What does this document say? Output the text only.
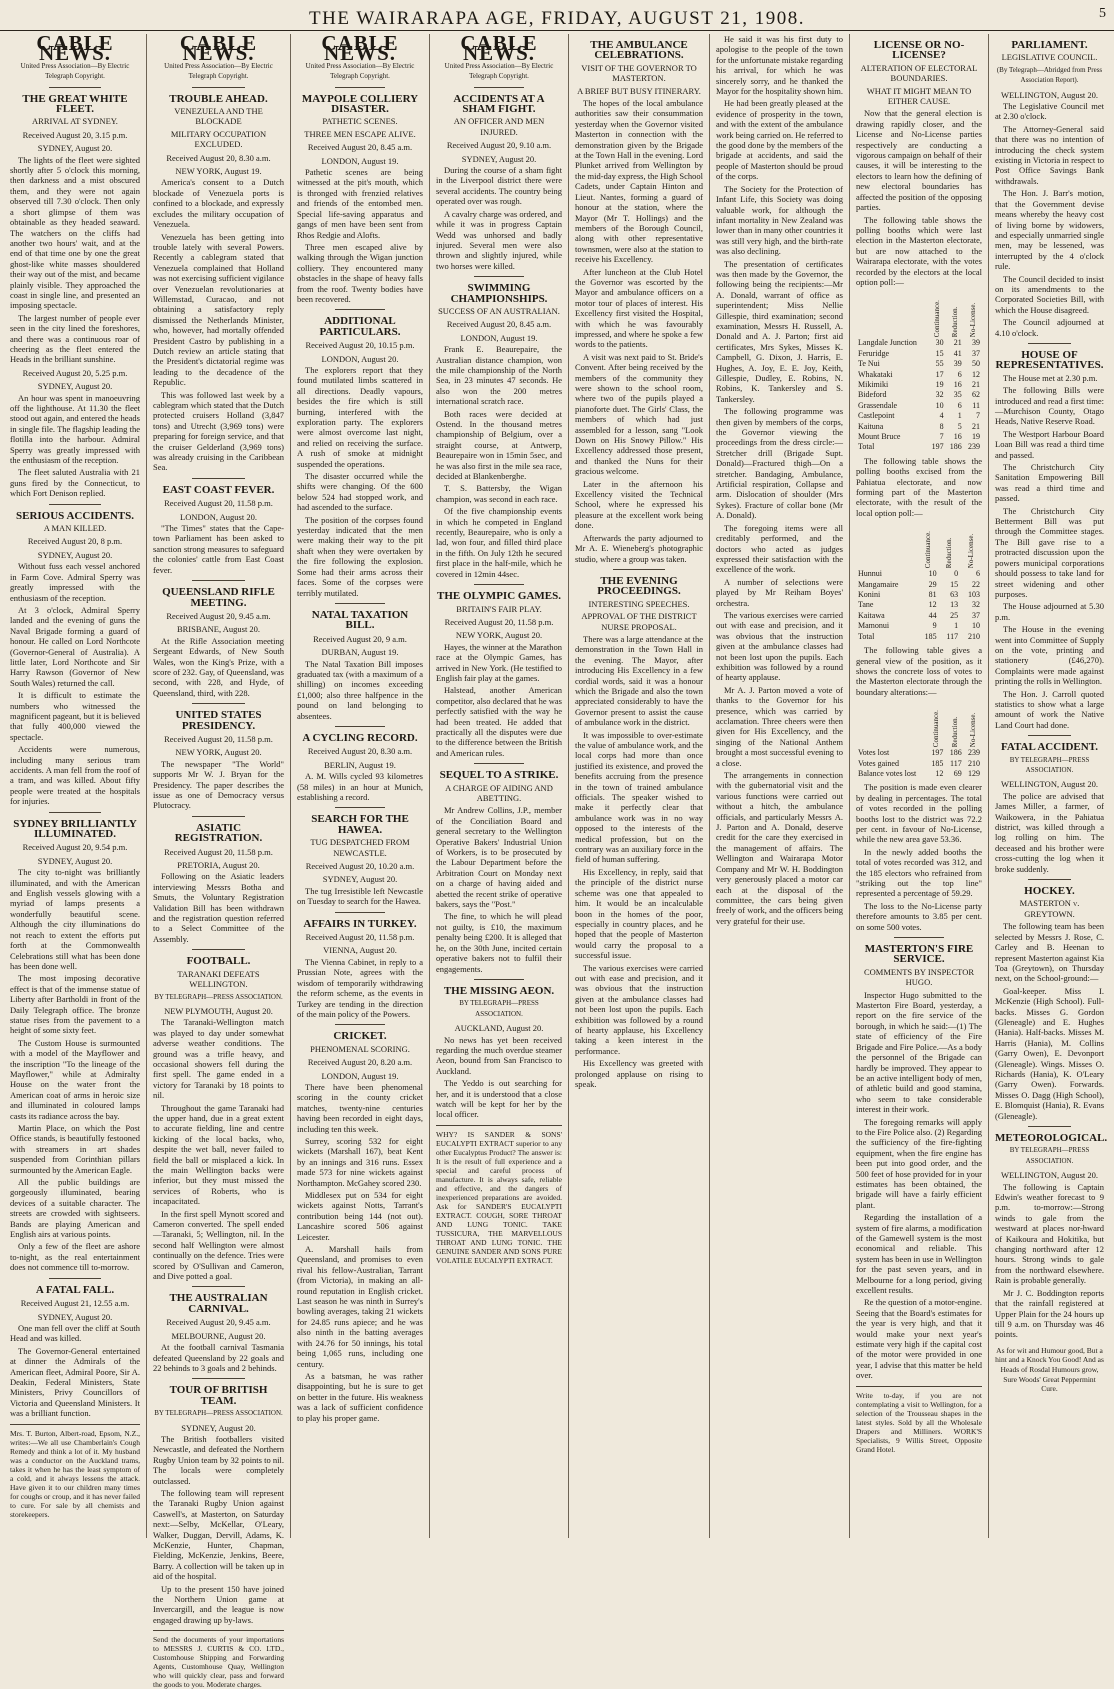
THE WAIRARAPA AGE, FRIDAY, AUGUST 21, 1908.	5
CABLE NEWS.
United Press Association—By Electric Telegraph Copyright.
THE GREAT WHITE FLEET.
ARRIVAL AT SYDNEY.
Received August 20, 3.15 p.m.
SYDNEY, August 20.

The lights of the fleet were sighted shortly after 5 o'clock this morning, then darkness and a mist obscured them, and they were not again observed till 7.30 o'clock. Then only a short glimpse of them was obtainable as they headed seaward. The watchers on the cliffs had another two hours' wait, and at the end of that time one by one the great ghost-like white masses shouldered their way out of the mist, and became plainly visible. They approached the coast in single line, and presented an imposing spectacle.

The largest number of people ever seen in the city lined the foreshores, and there was a continuous roar of cheering as the fleet entered the Heads in the brilliant sunshine.

Received August 20, 5.25 p.m.
SYDNEY, August 20.

An hour was spent in manoeuvring off the lighthouse. At 11.30 the fleet stood out again, and entered the heads in single file. The flagship leading the flotilla into the harbour. Admiral Sperry was greatly impressed with the enthusiasm of the reception.

The fleet saluted Australia with 21 guns fired by the Connecticut, to which Fort Denison replied.

SERIOUS ACCIDENTS.
A MAN KILLED.
Received August 20, 8 p.m.
SYDNEY, August 20.

Without fuss each vessel anchored in Farm Cove. Admiral Sperry was greatly impressed with the enthusiasm of the reception.

At 3 o'clock, Admiral Sperry landed and the evening of guns the Naval Brigade forming a guard of honour. He called on Lord Northcote (Governor-General of Australia). A little later, Lord Northcote and Sir Harry Rawson (Governor of New South Wales) returned the call.

It is difficult to estimate the numbers who witnessed the magnificent pageant, but it is believed that fully 400,000 viewed the spectacle.

Accidents were numerous, including many serious tram accidents. A man fell from the roof of a tram, and was killed. About fifty people were treated at the hospitals for injuries.

SYDNEY BRILLIANTLY ILLUMINATED.
Received August 20, 9.54 p.m.
SYDNEY, August 20.

The city to-night was brilliantly illuminated, and with the American and English vessels glowing with a myriad of lamps presents a wonderfully beautiful scene. Although the city illuminations do not reach to extent the efforts put forth at the Commonwealth Celebrations still what has been done has been done well.

The most imposing decorative effect is that of the immense statue of Liberty after Bartholdi in front of the Daily Telegraph office. The bronze statue rises from the pavement to a height of some sixty feet.

The Custom House is surmounted with a model of the Mayflower and the inscription "To the lineage of the Mayflower," while at Admiralty House on the water front the American coat of arms in heroic size and illuminated in coloured lamps casts its radiance across the bay.

Martin Place, on which the Post Office stands, is beautifully festooned with streamers in art shades suspended from Corinthian pillars surmounted by the American Eagle.

All the public buildings are gorgeously illuminated, bearing devices of a suitable character. The streets are crowded with sightseers. Bands are playing American and English airs at various points.

Only a few of the fleet are ashore to-night, as the real entertainment does not commence till to-morrow.

A FATAL FALL.
Received August 21, 12.55 a.m.
SYDNEY, August 20.

One man fell over the cliff at South Head and was killed.

The Governor-General entertained at dinner the Admirals of the American fleet, Admiral Poore, Sir A. Deakin, Federal Ministers, State Ministers, Privy Councillors of Victoria and Queensland Ministers. It was a brilliant function.

Mrs. T. Burton, Albert-road, Epsom, N.Z., writes:—We all use Chamberlain's Cough Remedy and think a lot of it. My husband was a conductor on the Auckland trams, takes it when he has the least symptom of a cold, and it always lessens the attack. Have given it to our children many times for coughs or croup, and it has never failed to cure. For sale by all chemists and storekeepers.
CABLE NEWS.
United Press Association—By Electric Telegraph Copyright.
TROUBLE AHEAD.
VENEZUELA AND THE BLOCKADE
MILITARY OCCUPATION EXCLUDED.
Received August 20, 8.30 a.m.
NEW YORK, August 19.

America's consent to a Dutch blockade of Venezuela ports is confined to a blockade, and expressly excludes the military occupation of Venezuela.

Venezuela has been getting into trouble lately with several Powers. Recently a cablegram stated that Venezuela complained that Holland was not exercising sufficient vigilance over Venezuelan revolutionaries at Willemstad, Curacao, and not obtaining a satisfactory reply dismissed the Netherlands Minister, who, however, had mortally offended President Castro by publishing in a Dutch review an article stating that the President's dictatorial regime was leading to the decadence of the Republic.

This was followed last week by a cablegram which stated that the Dutch protected cruisers Holland (3,847 tons) and Utrecht (3,969 tons) were preparing for foreign service, and that the cruiser Gelderland (3,969 tons) was already cruising in the Caribbean Sea.

EAST COAST FEVER.
Received August 20, 11.58 p.m.
LONDON, August 20.

"The Times" states that the Cape-town Parliament has been asked to sanction strong measures to safeguard the colonies' cattle from East Coast fever.

QUEENSLAND RIFLE MEETING.
Received August 20, 9.45 a.m.
BRISBANE, August 20.

At the Rifle Association meeting Sergeant Edwards, of New South Wales, won the King's Prize, with a score of 232. Gay, of Queensland, was second, with 228, and Hyde, of Queensland, third, with 228.

UNITED STATES PRESIDENCY.
Received August 20, 11.58 p.m.
NEW YORK, August 20.

The newspaper "The World" supports Mr W. J. Bryan for the Presidency. The paper describes the issue as one of Democracy versus Plutocracy.

ASIATIC REGISTRATION.
Received August 20, 11.58 p.m.
PRETORIA, August 20.

Following on the Asiatic leaders interviewing Messrs Botha and Smuts, the Voluntary Registration Validation Bill has been withdrawn and the registration question referred to a Select Committee of the Assembly.

FOOTBALL.
TARANAKI DEFEATS WELLINGTON.
BY TELEGRAPH—PRESS ASSOCIATION.
NEW PLYMOUTH, August 20.

The Taranaki-Wellington match was played to day under somewhat adverse weather conditions. The ground was a trifle heavy, and occasional showers fell during the first spell. The game ended in a victory for Taranaki by 18 points to nil.

Throughout the game Taranaki had the upper hand, due in a great extent to accurate fielding, line and centre kicking of the local backs, who, despite the wet ball, never failed to field the ball or misplaced a kick. In the main Wellington backs were inferior, but they must missed the services of Roberts, who is incapacitated.

In the first spell Mynott scored and Cameron converted. The spell ended—Taranaki, 5; Wellington, nil. In the second half Wellington were almost continually on the defence. Tries were scored by O'Sullivan and Cameron, and Dive potted a goal.

THE AUSTRALIAN CARNIVAL.
Received August 20, 9.45 a.m.
MELBOURNE, August 20.

At the football carnival Tasmania defeated Queensland by 22 goals and 22 behinds to 3 goals and 2 behinds.

TOUR OF BRITISH TEAM.
BY TELEGRAPH—PRESS ASSOCIATION.
SYDNEY, August 20.

The British footballers visited Newcastle, and defeated the Northern Rugby Union team by 32 points to nil. The locals were completely outclassed.

The following team will represent the Taranaki Rugby Union against Caswell's, at Masterton, on Saturday next:—Selby, McKellar, O'Leary, Walker, Duggan, Dervill, Adams, K. McKenzie, Hunter, Chapman, Fielding, McKenzie, Jenkins, Beere, Barry. A collection will be taken up in aid of the hospital.

Up to the present 150 have joined the Northern Union game at Invercargill, and the league is now engaged drawing up by-laws.

Send the documents of your importations to MESSRS J. CURTIS & CO. LTD., Customhouse Shipping and Forwarding Agents, Customhouse Quay, Wellington who will quickly clear, pass and forward the goods to you. Moderate charges.
CABLE NEWS.
United Press Association—By Electric Telegraph Copyright.
MAYPOLE COLLIERY DISASTER.
PATHETIC SCENES.
THREE MEN ESCAPE ALIVE.
Received August 20, 8.45 a.m.
LONDON, August 19.

Pathetic scenes are being witnessed at the pit's mouth, which is thronged with frenzied relatives and friends of the entombed men. Special life-saving apparatus and gangs of men have been sent from Rhos Redgie and Alofts.

Three men escaped alive by walking through the Wigan junction colliery. They encountered many obstacles in the shape of heavy falls from the roof. Twenty bodies have been recovered.

ADDITIONAL PARTICULARS.
Received August 20, 10.15 p.m.
LONDON, August 20.

The explorers report that they found mutilated limbs scattered in all directions. Deadly vapours, besides the fire which is still burning, interfered with the exploration party. The explorers were almost overcome last night, and relied on receiving the surface. A rush of smoke at midnight suspended the operations.

The disaster occurred while the shifts were changing. Of the 600 below 524 had stopped work, and had ascended to the surface.

The position of the corpses found yesterday indicated that the men were making their way to the pit shaft when they were overtaken by the fire following the explosion. Some had their arms across their faces. Some of the corpses were terribly mutilated.

NATAL TAXATION BILL.
Received August 20, 9 a.m.
DURBAN, August 19.

The Natal Taxation Bill imposes graduated tax (with a maximum of a shilling) on incomes exceeding £1,000; also three halfpence in the pound on land belonging to absentees.

A CYCLING RECORD.
Received August 20, 8.30 a.m.
BERLIN, August 19.

A. M. Wills cycled 93 kilometres (58 miles) in an hour at Munich, establishing a record.

SEARCH FOR THE HAWEA.
TUG DESPATCHED FROM NEWCASTLE.
Received August 20, 10.20 a.m.
SYDNEY, August 20.

The tug Irresistible left Newcastle on Tuesday to search for the Hawea.

AFFAIRS IN TURKEY.
Received August 20, 11.58 p.m.
VIENNA, August 20.

The Vienna Cabinet, in reply to a Prussian Note, agrees with the wisdom of temporarily withdrawing the reform scheme, as the events in Turkey are tending in the direction of the main policy of the Powers.

CRICKET.
PHENOMENAL SCORING.
Received August 20, 8.20 a.m.
LONDON, August 19.

There have been phenomenal scoring in the county cricket matches, twenty-nine centuries having been recorded in eight days, including ten this week.

Surrey, scoring 532 for eight wickets (Marshall 167), beat Kent by an innings and 316 runs. Essex made 573 for nine wickets against Northampton. McGahey scored 230.

Middlesex put on 534 for eight wickets against Notts, Tarrant's contribution being 144 (not out). Lancashire scored 506 against Leicester.

A. Marshall hails from Queensland, and promises to even rival his fellow-Australian, Tarrant (from Victoria), in making an all-round reputation in English cricket. Last season he was ninth in Surrey's bowling averages, taking 21 wickets for 24.85 runs apiece; and he was also ninth in the batting averages with 24.76 for 50 innings, his total being 1,065 runs, including one century.

As a batsman, he was rather disappointing, but he is sure to get on better in the future. His weakness was a lack of sufficient confidence to play his proper game.

CABLE NEWS.
United Press Association—By Electric Telegraph Copyright.
ACCIDENTS AT A SHAM FIGHT.
AN OFFICER AND MEN INJURED.
Received August 20, 9.10 a.m.
SYDNEY, August 20.

During the course of a sham fight in the Liverpool district there were several accidents. The country being operated over was rough.

A cavalry charge was ordered, and while it was in progress Captain Wedd was unhorsed and badly injured. Several men were also thrown and slightly injured, while two horses were killed.

SWIMMING CHAMPIONSHIPS.
SUCCESS OF AN AUSTRALIAN.
Received August 20, 8.45 a.m.
LONDON, August 19.

Frank E. Beaurepaire, the Australian distance champion, won the mile championship of the North Sea, in 23 minutes 47 seconds. He also won the 200 metres international scratch race.

Both races were decided at Ostend. In the thousand metres championship of Belgium, over a straight course, at Antwerp, Beaurepaire won in 15min 5sec, and he was also first in the mile sea race, decided at Blankenberghe.

T. S. Battersby, the Wigan champion, was second in each race.

Of the five championship events in which he competed in England recently, Beaurepaire, who is only a lad, won four, and filled third place in the fifth. On July 12th he secured first place in the half-mile, which he covered in 12min 44sec.

THE OLYMPIC GAMES.
BRITAIN'S FAIR PLAY.
Received August 20, 11.58 p.m.
NEW YORK, August 20.

Hayes, the winner at the Marathon race at the Olympic Games, has arrived in New York. (He testified to English fair play at the games.

Halstead, another American competitor, also declared that he was perfectly satisfied with the way he had been treated. He added that practically all the disputes were due to the difference between the British and American rules.

SEQUEL TO A STRIKE.
A CHARGE OF AIDING AND ABETTING.

Mr Andrew Collins, J.P., member of the Conciliation Board and general secretary to the Wellington Operative Bakers' Industrial Union of Workers, is to be prosecuted by the Labour Department before the Arbitration Court on Monday next on a charge of having aided and abetted the recent strike of operative bakers, says the "Post."

The fine, to which he will plead not guilty, is £10, the maximum penalty being £200. It is alleged that he, on the 30th June, incited certain operative bakers not to fulfil their engagements.

THE MISSING AEON.
BY TELEGRAPH—PRESS ASSOCIATION.
AUCKLAND, August 20.

No news has yet been received regarding the much overdue steamer Aeon, bound from San Francisco to Auckland.

The Yeddo is out searching for her, and it is understood that a close watch will be kept for her by the local officer.

WHY? IS SANDER & SONS' EUCALYPTI EXTRACT superior to any other Eucalyptus Product? The answer is: It is the result of full experience and a special and careful process of manufacture. It is always safe, reliable and effective, and the dangers of inexperienced preparations are avoided. Ask for SANDER'S EUCALYPTI EXTRACT. COUGH, SORE THROAT AND LUNG TONIC. TAKE TUSSICURA, THE MARVELLOUS THROAT AND LUNG TONIC. THE GENUINE SANDER AND SONS PURE VOLATILE EUCALYPTI EXTRACT.
THE AMBULANCE CELEBRATIONS.
VISIT OF THE GOVERNOR TO MASTERTON.
A BRIEF BUT BUSY ITINERARY.

The hopes of the local ambulance authorities saw their consummation yesterday when the Governor visited Masterton in connection with the demonstration given by the Brigade at the Town Hall in the evening. Lord Plunket arrived from Wellington by the mid-day express, the High School Cadets, under Captain Hinton and Lieut. Nantes, forming a guard of honour at the station, where the Mayor (Mr T. Hollings) and the members of the Borough Council, along with other representative townsmen, were also at the station to receive his Excellency.

After luncheon at the Club Hotel the Governor was escorted by the Mayor and ambulance officers on a motor tour of places of interest. His Excellency first visited the Hospital, with which he was favourably impressed, and where he spoke a few words to the patients.

A visit was next paid to St. Bride's Convent. After being received by the members of the community they were shown to the school room, where two of the pupils played a pianoforte duet. The Girls' Class, the members of which had just assembled for a lesson, sang "Look Down on His Snowy Pillow." His Excellency addressed those present, and thanked the Nuns for their gracious welcome.

Later in the afternoon his Excellency visited the Technical School, where he expressed his pleasure at the excellent work being done.

Afterwards the party adjourned to Mr A. E. Wieneberg's photographic studio, where a group was taken.

THE EVENING PROCEEDINGS.
INTERESTING SPEECHES.
APPROVAL OF THE DISTRICT NURSE PROPOSAL.

There was a large attendance at the demonstration in the Town Hall in the evening. The Mayor, after introducing His Excellency in a few cordial words, said it was a honour which the Brigade and also the town appreciated considerably to have the Governor present to assist the cause of ambulance work in the district.

It was impossible to over-estimate the value of ambulance work, and the local corps had more than once justified its existence, and proved the benefits accruing from the presence in the town of trained ambulance officials. The speaker wished to make it perfectly clear that ambulance work was in no way opposed to the interests of the medical profession, but on the contrary was an auxiliary force in the field of human suffering.

His Excellency, in reply, said that the principle of the district nurse scheme was one that appealed to him. It would be an incalculable boon in the homes of the poor, especially in country places, and he hoped that the people of Masterton would carry the proposal to a successful issue.

The various exercises were carried out with ease and precision, and it was obvious that the instruction given at the ambulance classes had not been lost upon the pupils. Each exhibition was followed by a round of hearty applause, his Excellency taking a keen interest in the performance.

His Excellency was greeted with prolonged applause on rising to speak.

He said it was his first duty to apologise to the people of the town for the unfortunate mistake regarding his arrival, for which he was sincerely sorry, and he thanked the Mayor for the hospitality shown him.

He had been greatly pleased at the evidence of prosperity in the town, and with the extent of the ambulance work being carried on. He referred to the good done by the members of the brigade at accidents, and said the people of Masterton should be proud of the corps.

The Society for the Protection of Infant Life, this Society was doing valuable work, for although the infant mortality in New Zealand was lower than in many other countries it was still very high, and the birth-rate was also declining.

The presentation of certificates was then made by the Governor, the following being the recipients:—Mr A. Donald, warrant of office as superintendent; Miss Nellie Gillespie, third examination; second examination, Messrs H. Russell, A. Donald and A. J. Parton; first aid certificates, Mrs Sykes, Misses K. Campbell, G. Dixon, J. Harris, E. Hughes, A. Joy, E. E. Joy, Keith, Gillespie, Dudley, E. Robins, N. Robins, K. Tankersley and S. Tankersley.

The following programme was then given by members of the corps, the Governor viewing the proceedings from the dress circle:—Stretcher drill (Brigade Supt. Donald)—Fractured thigh—On a stretcher. Bandaging, Ambulance, Artificial respiration, Collapse and arm. Dislocation of shoulder (Mrs Sykes). Fracture of collar bone (Mr A. Donald).

The foregoing items were all creditably performed, and the doctors who acted as judges expressed their satisfaction with the excellence of the work.

A number of selections were played by Mr Reiham Boyes' orchestra.

The various exercises were carried out with ease and precision, and it was obvious that the instruction given at the ambulance classes had not been lost upon the pupils. Each exhibition was followed by a round of hearty applause.

Mr A. J. Parton moved a vote of thanks to the Governor for his presence, which was carried by acclamation. Three cheers were then given for His Excellency, and the singing of the National Anthem brought a most successful evening to a close.

The arrangements in connection with the gubernatorial visit and the various functions were carried out without a hitch, the ambulance officials, and particularly Messrs A. J. Parton and A. Donald, deserve credit for the care they exercised in the management of affairs. The Wellington and Wairarapa Motor Company and Mr W. H. Boddington very generously placed a motor car each at the disposal of the committee, the cars being given freely of work, and the officers being very grateful for their use.

LICENSE OR NO-LICENSE?
ALTERATION OF ELECTORAL BOUNDARIES.
WHAT IT MIGHT MEAN TO EITHER CAUSE.

Now that the general election is drawing rapidly closer, and the License and No-License parties respectively are conducting a vigorous campaign on behalf of their causes, it will be interesting to the electors to learn how the defining of new electoral boundaries has affected the position of the opposing parties.

The following table shows the polling booths which were last election in the Masterton electorate, but are now attached to the Wairarapa electorate, with the votes recorded by the electors at the local option poll:—

	Continuance.	Reduction.	No-License.
Langdale Junction	30	21	39
Feruridge	15	41	37
Te Nui	55	39	50
Whakataki	17	6	12
Mikimiki	19	16	21
Bideford	32	35	62
Grassendale	10	6	11
Castlepoint	4	1	7
Kaituna	8	5	21
Mount Bruce	7	16	19
Total	197	186	239

The following table shows the polling booths excised from the Pahiatua electorate, and now forming part of the Masterton electorate, with the result of the local option poll:—

	Continuance.	Reduction.	No-License.
Hunnui	10	0	6
Mangamaire	29	15	22
Konini	81	63	103
Tane	12	13	32
Kaitawa	44	25	37
Mamonui	9	1	10
Total	185	117	210

The following table gives a general view of the position, as it shows the concrete loss of votes to the Masterton electorate through the boundary alterations:—

	Continuance.	Reduction.	No-License.
Votes lost	197	186	239
Votes gained	185	117	210
Balance votes lost	12	69	129

The position is made even clearer by dealing in percentages. The total of votes recorded in the polling booths lost to the district was 72.2 per cent. in favour of No-License, while the new area gave 53.36.

In the newly added booths the total of votes recorded was 312, and the 185 electors who refrained from "striking out the top line" represented a percentage of 59.29.

The loss to the No-License party therefore amounts to 3.85 per cent. on some 500 votes.

MASTERTON'S FIRE SERVICE.
COMMENTS BY INSPECTOR HUGO.

Inspector Hugo submitted to the Masterton Fire Board, yesterday, a report on the fire service of the borough, in which he said:—(1) The state of efficiency of the Fire Brigade and Fire Police.—As a body the personnel of the Brigade can hardly be improved. They appear to be an active intelligent body of men, of athletic build and good stamina, who seem to take considerable interest in their work.

The foregoing remarks will apply to the Fire Police also. (2) Regarding the sufficiency of the fire-fighting equipment, when the fire engine has been put into good order, and the 500 feet of hose provided for in your estimates has been obtained, the brigade will have a fairly efficient plant.

Regarding the installation of a system of fire alarms, a modification of the Gamewell system is the most economical and reliable. This system has been in use in Wellington for the past seven years, and in Melbourne for a long period, giving excellent results.

Re the question of a motor-engine. Seeing that the Board's estimates for the year is very high, and that it would make your next year's estimate very high if the capital cost of the motor were provided in one year, I advise that this matter be held over.

Write to-day, if you are not contemplating a visit to Wellington, for a selection of the Trousseau shapes in the latest styles. Sold by all the Wholesale Drapers and Milliners. WORK'S Specialists, 9 Willis Street, Opposite Grand Hotel.
PARLIAMENT.
LEGISLATIVE COUNCIL.
(By Telegraph—Abridged from Press Association Report).
WELLINGTON, August 20.

The Legislative Council met at 2.30 o'clock.

The Attorney-General said that there was no intention of introducing the check system existing in Victoria in respect to Post Office Savings Bank withdrawals.

The Hon. J. Barr's motion, that the Government devise means whereby the heavy cost of living borne by widowers, and especially unmarried single men, may be lessened, was interrupted by the 4 o'clock rule.

The Council decided to insist on its amendments to the Corporated Societies Bill, with which the House disagreed.

The Council adjourned at 4.10 o'clock.

HOUSE OF REPRESENTATIVES.

The House met at 2.30 p.m.

The following Bills were introduced and read a first time:—Murchison County, Otago Heads, Native Reserve Road.

The Westport Harbour Board Loan Bill was read a third time and passed.

The Christchurch City Sanitation Empowering Bill was read a third time and passed.

The Christchurch City Betterment Bill was put through the Committee stages. The Bill gave rise to a protracted discussion upon the powers municipal corporations should possess to take land for street widening and other purposes.

The House adjourned at 5.30 p.m.

The House in the evening went into Committee of Supply on the vote, printing and stationery (£46,270). Complaints were made against printing the rolls in Wellington.

The Hon. J. Carroll quoted statistics to show what a large amount of work the Native Land Court had done.

FATAL ACCIDENT.
BY TELEGRAPH—PRESS ASSOCIATION.
WELLINGTON, August 20.

The police are advised that James Miller, a farmer, of Waikowera, in the Pahiatua district, was killed through a log rolling on him. The deceased and his brother were cross-cutting the log when it broke suddenly.

HOCKEY.
MASTERTON v. GREYTOWN.

The following team has been selected by Messrs J. Rose, C. Carley and B. Heenan to represent Masterton against Kia Toa (Greytown), on Thursday next, on the School-ground:—

Goal-keeper. Miss I. McKenzie (High School). Full-backs. Misses G. Gordon (Gleneagle) and E. Hughes (Hania). Half-backs. Misses M. Harris (Hania), M. Collins (Garry Owen), E. Devonport (Gleneagle). Wings. Misses O. Richards (Hania), K. O'Leary (Garry Owen). Forwards. Misses O. Dagg (High School), E. Blomquist (Hania), R. Evans (Gleneagle).

METEOROLOGICAL.
BY TELEGRAPH—PRESS ASSOCIATION.
WELLINGTON, August 20.

The following is Captain Edwin's weather forecast to 9 p.m. to-morrow:—Strong winds to gale from the westward at places nor-hward of Kaikoura and Hokitika, but changing northward after 12 hours. Strong winds to gale from the northward elsewhere. Rain is probable generally.

Mr J. C. Boddington reports that the rainfall registered at Upper Plain for the 24 hours up till 9 a.m. on Thursday was 46 points.

As for wit and Humour good, But a hint and a Knock You Good! And as Heads of Rosdal Humours grow, Sure Woods' Great Peppermint Cure.
